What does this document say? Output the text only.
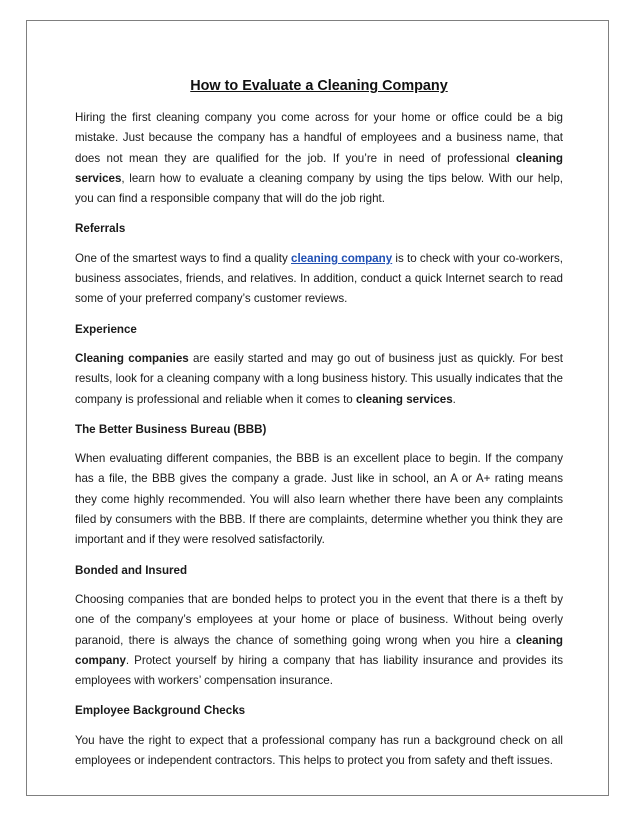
How to Evaluate a Cleaning Company

Hiring the first cleaning company you come across for your home or office could be a big mistake. Just because the company has a handful of employees and a business name, that does not mean they are qualified for the job. If you’re in need of professional cleaning services, learn how to evaluate a cleaning company by using the tips below. With our help, you can find a responsible company that will do the job right.

Referrals

One of the smartest ways to find a quality cleaning company is to check with your co-workers, business associates, friends, and relatives. In addition, conduct a quick Internet search to read some of your preferred company’s customer reviews.

Experience

Cleaning companies are easily started and may go out of business just as quickly. For best results, look for a cleaning company with a long business history. This usually indicates that the company is professional and reliable when it comes to cleaning services.

The Better Business Bureau (BBB)

When evaluating different companies, the BBB is an excellent place to begin. If the company has a file, the BBB gives the company a grade. Just like in school, an A or A+ rating means they come highly recommended. You will also learn whether there have been any complaints filed by consumers with the BBB. If there are complaints, determine whether you think they are important and if they were resolved satisfactorily.

Bonded and Insured

Choosing companies that are bonded helps to protect you in the event that there is a theft by one of the company’s employees at your home or place of business. Without being overly paranoid, there is always the chance of something going wrong when you hire a cleaning company. Protect yourself by hiring a company that has liability insurance and provides its employees with workers’ compensation insurance.

Employee Background Checks

You have the right to expect that a professional company has run a background check on all employees or independent contractors. This helps to protect you from safety and theft issues.
